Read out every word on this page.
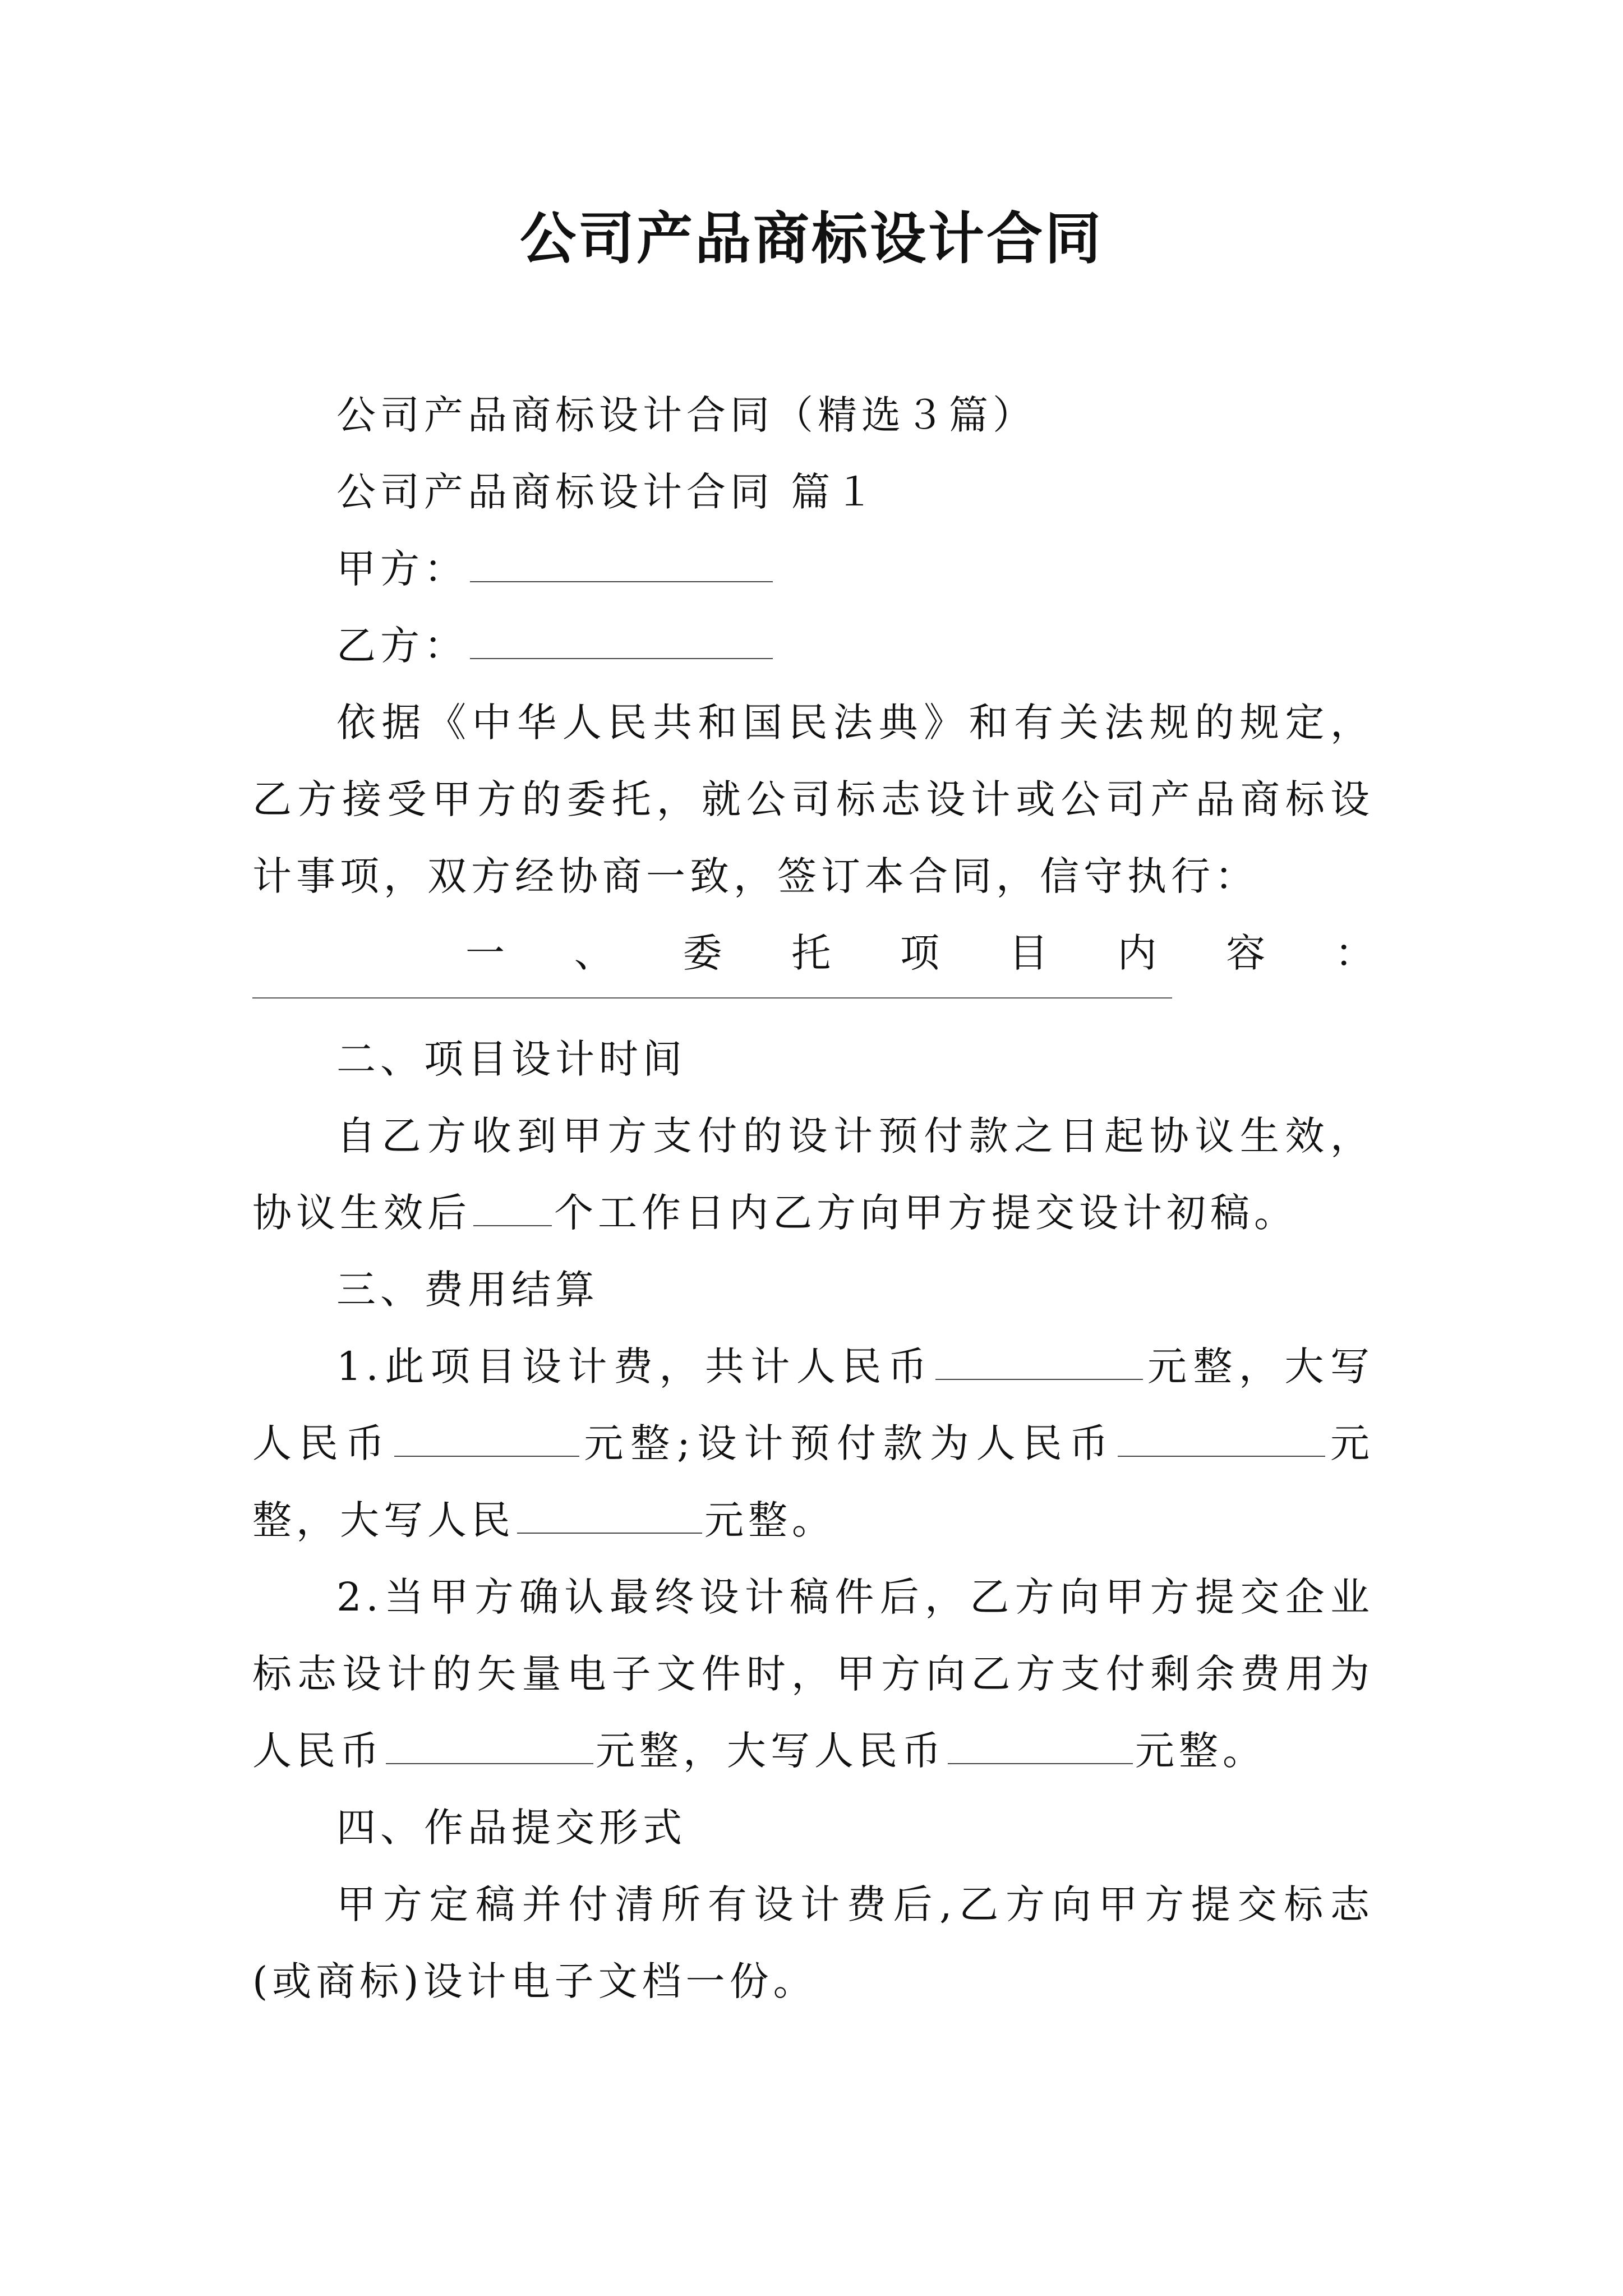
公司产品商标设计合同

公司产品商标设计合同（精选３篇）

公司产品商标设计合同 篇１

甲方：

乙方：

依据《中华人民共和国民法典》和有关法规的规定，乙方接受甲方的委托，就公司标志设计或公司产品商标设计事项，双方经协商一致，签订本合同，信守执行：

一 、 委 托 项 目 内 容 ：

二、项目设计时间

自乙方收到甲方支付的设计预付款之日起协议生效，协议生效后 个工作日内乙方向甲方提交设计初稿。

三、费用结算

1.此项目设计费，共计人民币	元整，大写人民币	元整;设计预付款为人民币	元整，大写人民	元整。

2.当甲方确认最终设计稿件后，乙方向甲方提交企业标志设计的矢量电子文件时，甲方向乙方支付剩余费用为人民币	元整，大写人民币	元整。

四、作品提交形式

甲方定稿并付清所有设计费后,乙方向甲方提交标志(或商标)设计电子文档一份。
